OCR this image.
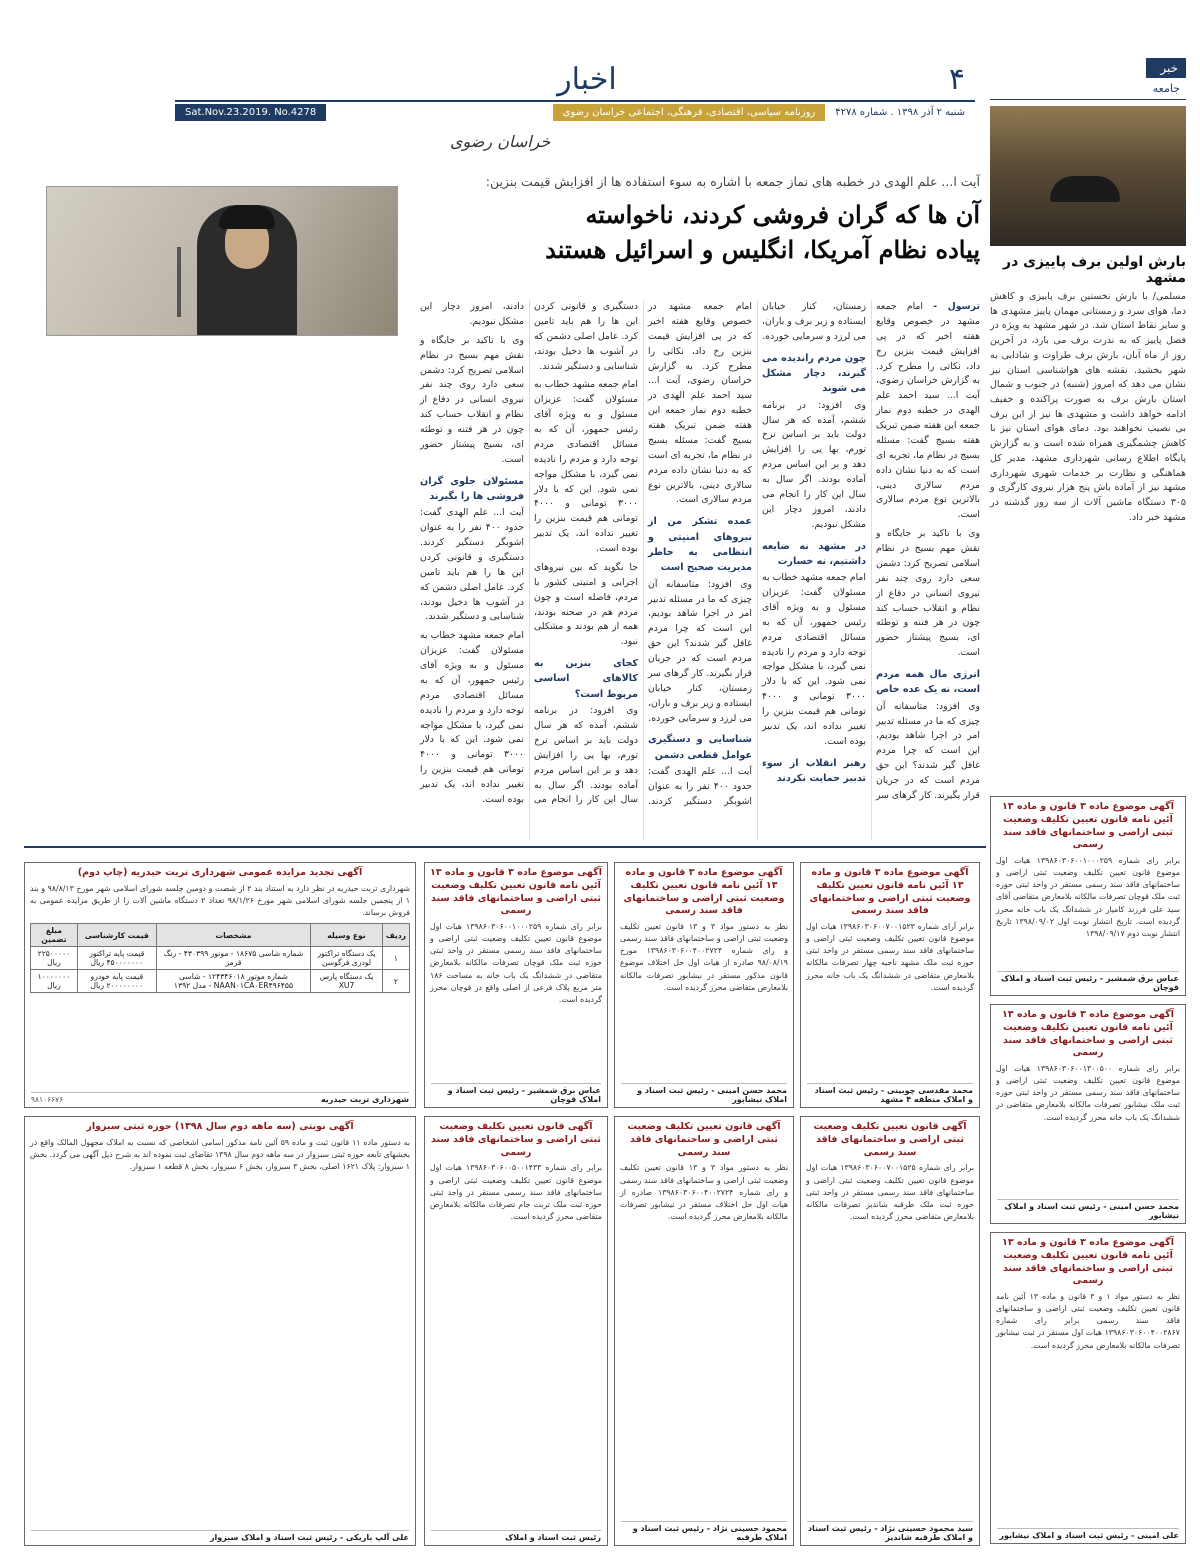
۴
اخبار
شنبه ۲ آذر ۱۳۹۸ . شماره ۴۲۷۸
روزنامه سیاسی، اقتصادی، فرهنگی، اجتماعی خراسان رضوی
Sat.Nov.23.2019. No.4278
خراسان رضوی
خبر
جامعه
بارش اولین برف پاییزی در مشهد
مسلمی/ با بارش نخستین برف پاییزی و کاهش دما، هوای سرد و زمستانی مهمان پاییز مشهدی ها و سایر نقاط استان شد. در شهر مشهد به ویژه در فصل پاییز که به ندرت برف می بارد، در آخرین روز از ماه آبان، بارش برف طراوت و شادابی به شهر بخشید. نقشه های هواشناسی استان نیز نشان می دهد که امروز (شنبه) در جنوب و شمال استان بارش برف به صورت پراکنده و خفیف ادامه خواهد داشت و مشهدی ها نیز از این برف بی نصیب نخواهند بود. دمای هوای استان نیز با کاهش چشمگیری همراه شده است و به گزارش پایگاه اطلاع رسانی شهرداری مشهد، مدیر کل هماهنگی و نظارت بر خدمات شهری شهرداری مشهد نیز از آماده باش پنج هزار نیروی کارگری و ۳۰۵ دستگاه ماشین آلات از سه روز گذشته در مشهد خبر داد.
آیت ا... علم الهدی در خطبه های نماز جمعه با اشاره به سوء استفاده ها از افزایش قیمت بنزین:
آن ها که گران فروشی کردند، ناخواسته
پیاده نظام آمریکا، انگلیس و اسرائیل هستند

ترسول - امام جمعه مشهد در خصوص وقایع هفته اخیر که در پی افزایش قیمت بنزین رخ داد، نکاتی را مطرح کرد. به گزارش خراسان رضوی، آیت ا... سید احمد علم الهدی در خطبه دوم نماز جمعه این هفته ضمن تبریک هفته بسیج گفت: مسئله بسیج در نظام ما، تجربه ای است که به دنیا نشان داده مردم سالاری دینی، بالاترین نوع مردم سالاری است.

وی با تاکید بر جایگاه و نقش مهم بسیج در نظام اسلامی تصریح کرد: دشمن سعی دارد روی چند نفر نیروی انسانی در دفاع از نظام و انقلاب حساب کند چون در هر فتنه و توطئه ای، بسیج پیشتاز حضور است.

انرژی مال همه مردم است، نه یک عده خاص

وی افزود: متاسفانه آن چیزی که ما در مسئله تدبیر امر در اجرا شاهد بودیم، این است که چرا مردم غافل گیر شدند؟ این حق مردم است که در جریان قرار بگیرند. کار گرهای سر زمستان، کنار خیابان ایستاده و زیر برف و باران، می لرزد و سرمایی خورده.

چون مردم راندیده می گیرند، دچار مشکل می شوند

وی افزود: در برنامه ششم، آمده که هر سال دولت باید بر اساس نرخ تورم، بها یی را افزایش دهد و بر این اساس مردم آماده بودند. اگر سال به سال این کار را انجام می دادند، امروز دچار این مشکل نبودیم.

در مشهد نه ضایعه داشتیم، نه خسارت

امام جمعه مشهد خطاب به مسئولان گفت: عزیزان مسئول و به ویژه آقای رئیس جمهور، آن که به مسائل اقتصادی مردم توجه دارد و مردم را نادیده نمی گیرد، با مشکل مواجه نمی شود. این که با دلار ۳۰۰۰ تومانی و ۴۰۰۰ تومانی هم قیمت بنزین را تغییر نداده اند، یک تدبیر بوده است.

رهبر انقلاب از سوء تدبیر حمایت نکردند

امام جمعه مشهد در خصوص وقایع هفته اخیر که در پی افزایش قیمت بنزین رخ داد، نکاتی را مطرح کرد. به گزارش خراسان رضوی، آیت ا... سید احمد علم الهدی در خطبه دوم نماز جمعه این هفته ضمن تبریک هفته بسیج گفت: مسئله بسیج در نظام ما، تجربه ای است که به دنیا نشان داده مردم سالاری دینی، بالاترین نوع مردم سالاری است.

عمده تشکر من از نیروهای امنیتی و انتظامی به خاطر مدیریت صحیح است

وی افزود: متاسفانه آن چیزی که ما در مسئله تدبیر امر در اجرا شاهد بودیم، این است که چرا مردم غافل گیر شدند؟ این حق مردم است که در جریان قرار بگیرند. کار گرهای سر زمستان، کنار خیابان ایستاده و زیر برف و باران، می لرزد و سرمایی خورده.

شناسایی و دستگیری عوامل قطعی دشمن

آیت ا... علم الهدی گفت: حدود ۴۰۰ نفر را به عنوان اشوبگر دستگیر کردند. دستگیری و قانونی کردن این ها را هم باید تامین کرد. عامل اصلی دشمن که در آشوب ها دخیل بودند، شناسایی و دستگیر شدند.

امام جمعه مشهد خطاب به مسئولان گفت: عزیزان مسئول و به ویژه آقای رئیس جمهور، آن که به مسائل اقتصادی مردم توجه دارد و مردم را نادیده نمی گیرد، با مشکل مواجه نمی شود. این که با دلار ۳۰۰۰ تومانی و ۴۰۰۰ تومانی هم قیمت بنزین را تغییر نداده اند، یک تدبیر بوده است.

جا بگوید که بین نیروهای اجرایی و امنیتی کشور با مردم، فاصله است و چون مردم هم در صحنه بودند، همه از هم بودند و مشکلی نبود.

کجای بنزین به کالاهای اساسی مربوط است؟

وی افزود: در برنامه ششم، آمده که هر سال دولت باید بر اساس نرخ تورم، بها یی را افزایش دهد و بر این اساس مردم آماده بودند. اگر سال به سال این کار را انجام می دادند، امروز دچار این مشکل نبودیم.

وی با تاکید بر جایگاه و نقش مهم بسیج در نظام اسلامی تصریح کرد: دشمن سعی دارد روی چند نفر نیروی انسانی در دفاع از نظام و انقلاب حساب کند چون در هر فتنه و توطئه ای، بسیج پیشتاز حضور است.

مسئولان جلوی گران فروشی ها را بگیرند

آیت ا... علم الهدی گفت: حدود ۴۰۰ نفر را به عنوان اشوبگر دستگیر کردند. دستگیری و قانونی کردن این ها را هم باید تامین کرد. عامل اصلی دشمن که در آشوب ها دخیل بودند، شناسایی و دستگیر شدند.

امام جمعه مشهد خطاب به مسئولان گفت: عزیزان مسئول و به ویژه آقای رئیس جمهور، آن که به مسائل اقتصادی مردم توجه دارد و مردم را نادیده نمی گیرد، با مشکل مواجه نمی شود. این که با دلار ۳۰۰۰ تومانی و ۴۰۰۰ تومانی هم قیمت بنزین را تغییر نداده اند، یک تدبیر بوده است.

آگهی تجدید مزایده عمومی شهرداری تربت حیدریه (چاپ دوم)
شهرداری تربت حیدریه در نظر دارد به استناد بند ۲ از شصت و دومین جلسه شورای اسلامی شهر مورخ ۹۸/۸/۱۳ و بند ۱ از پنجمین جلسه شورای اسلامی شهر مورخ ۹۸/۱/۲۶ تعداد ۲ دستگاه ماشین آلات را از طریق مزایده عمومی به فروش برساند.
ردیف	نوع وسیله	مشخصات	قیمت کارشناسی	مبلغ تضمین
۱	یک دستگاه تراکتور لودری فرگوسن	شماره شاسی ۱۸۶۷۵ - موتور ۴۳۰۳۹۹ - رنگ قرمز	قیمت پایه تراکتور ۴۵۰۰۰۰۰۰۰ ریال	۲۲۵۰۰۰۰۰ ریال
۲	یک دستگاه پارس XU7	شماره موتور ۱۲۴۳۴۶۰۱۸ - شاسی NAAN۰۱CA۰ER۴۹۶۴۵۵ - مدل ۱۳۹۲	قیمت پایه خودرو ۲۰۰۰۰۰۰۰۰ ریال	۱۰۰۰۰۰۰۰ ریال
شهرداری تربت حیدریه
۹۸۱۰۶۶۷۶
آگهی موضوع ماده ۳ قانون و ماده ۱۳ آئین نامه قانون تعیین تکلیف وضعیت ثبتی اراضی و ساختمانهای فاقد سند رسمی
برابر رای شماره ۱۳۹۸۶۰۳۰۶۰۰۱۰۰۰۲۵۹ هیات اول موضوع قانون تعیین تکلیف وضعیت ثبتی اراضی و ساختمانهای فاقد سند رسمی مستقر در واحد ثبتی حوزه ثبت ملک قوچان تصرفات مالکانه بلامعارض متقاضی در ششدانگ یک باب خانه به مساحت ۱۸۶ متر مربع پلاک فرعی از اصلی واقع در قوچان محرز گردیده است.
عباس برق شمشیر - رئیس ثبت اسناد و املاک قوچان
آگهی موضوع ماده ۳ قانون و ماده ۱۳ آئین نامه قانون تعیین تکلیف وضعیت ثبتی اراضی و ساختمانهای فاقد سند رسمی
نظر به دستور مواد ۳ و ۱۳ قانون تعیین تکلیف وضعیت ثبتی اراضی و ساختمانهای فاقد سند رسمی و رای شماره ۱۳۹۸۶۰۳۰۶۰۰۴۰۰۲۷۲۴ مورخ ۹۸/۰۸/۱۹ صادره از هیات اول حل اختلاف موضوع قانون مذکور مستقر در نیشابور تصرفات مالکانه بلامعارض متقاضی محرز گردیده است.
محمد حسن امینی - رئیس ثبت اسناد و املاک نیشابور
آگهی موضوع ماده ۳ قانون و ماده ۱۳ آئین نامه قانون تعیین تکلیف وضعیت ثبتی اراضی و ساختمانهای فاقد سند رسمی
برابر آرای شماره ۱۳۹۸۶۰۳۰۶۰۰۷۰۰۱۵۲۳ هیات اول موضوع قانون تعیین تکلیف وضعیت ثبتی اراضی و ساختمانهای فاقد سند رسمی مستقر در واحد ثبتی حوزه ثبت ملک مشهد ناحیه چهار تصرفات مالکانه بلامعارض متقاضی در ششدانگ یک باب خانه محرز گردیده است.
محمد مقدسی چوبینی - رئیس ثبت اسناد و املاک منطقه ۴ مشهد
آگهی موضوع ماده ۳ قانون و ماده ۱۳ آئین نامه قانون تعیین تکلیف وضعیت ثبتی اراضی و ساختمانهای فاقد سند رسمی
برابر رای شماره ۱۳۹۸۶۰۳۰۶۰۰۱۰۰۰۲۵۹ هیات اول موضوع قانون تعیین تکلیف وضعیت ثبتی اراضی و ساختمانهای فاقد سند رسمی مستقر در واحد ثبتی حوزه ثبت ملک قوچان تصرفات مالکانه بلامعارض متقاضی آقای سید علی فرزند کامیار در ششدانگ یک باب خانه محرز گردیده است. تاریخ انتشار نوبت اول ۱۳۹۸/۰۹/۰۲ تاریخ انتشار نوبت دوم ۱۳۹۸/۰۹/۱۷
عباس برق شمشیر - رئیس ثبت اسناد و املاک قوچان
آگهی موضوع ماده ۳ قانون و ماده ۱۳ آئین نامه قانون تعیین تکلیف وضعیت ثبتی اراضی و ساختمانهای فاقد سند رسمی
برابر رای شماره ۱۳۹۸۶۰۳۰۶۰۰۱۳۰۰۵۰۰ هیات اول موضوع قانون تعیین تکلیف وضعیت ثبتی اراضی و ساختمانهای فاقد سند رسمی مستقر در واحد ثبتی حوزه ثبت ملک نیشابور تصرفات مالکانه بلامعارض متقاضی در ششدانگ یک باب خانه محرز گردیده است.
محمد حسن امینی - رئیس ثبت اسناد و املاک نیشابور
آگهی موضوع ماده ۳ قانون و ماده ۱۳ آئین نامه قانون تعیین تکلیف وضعیت ثبتی اراضی و ساختمانهای فاقد سند رسمی
نظر به دستور مواد ۱ و ۳ قانون و ماده ۱۳ آئین نامه قانون تعیین تکلیف وضعیت ثبتی اراضی و ساختمانهای فاقد سند رسمی برابر رای شماره ۱۳۹۸۶۰۳۰۶۰۰۴۰۰۲۸۶۷ هیات اول مستقر در ثبت نیشابور تصرفات مالکانه بلامعارض محرز گردیده است.
علی امینی - رئیس ثبت اسناد و املاک نیشابور
آگهی نوبتی (سه ماهه دوم سال ۱۳۹۸) حوزه ثبتی سبزوار
به دستور ماده ۱۱ قانون ثبت و ماده ۵۹ آئین نامه مذکور اسامی اشخاصی که نسبت به املاک مجهول المالک واقع در بخشهای تابعه حوزه ثبتی سبزوار در سه ماهه دوم سال ۱۳۹۸ تقاضای ثبت نموده اند به شرح ذیل آگهی می گردد. بخش ۱ سبزوار: پلاک ۱۶۲۱ اصلی، بخش ۳ سبزوار، بخش ۶ سبزوار، بخش ۸ قطعه ۱ سبزوار.
علی آلپ باریکی - رئیس ثبت اسناد و املاک سبزوار
آگهی قانون تعیین تکلیف وضعیت ثبتی اراضی و ساختمانهای فاقد سند رسمی
برابر رای شماره ۱۳۹۸۶۰۳۰۶۰۰۵۰۰۱۴۳۳ هیات اول موضوع قانون تعیین تکلیف وضعیت ثبتی اراضی و ساختمانهای فاقد سند رسمی مستقر در واحد ثبتی حوزه ثبت ملک تربت جام تصرفات مالکانه بلامعارض متقاضی محرز گردیده است.
رئیس ثبت اسناد و املاک
آگهی قانون تعیین تکلیف وضعیت ثبتی اراضی و ساختمانهای فاقد سند رسمی
نظر به دستور مواد ۳ و ۱۳ قانون تعیین تکلیف وضعیت ثبتی اراضی و ساختمانهای فاقد سند رسمی و رای شماره ۱۳۹۸۶۰۳۰۶۰۰۴۰۰۲۷۲۴ صادره از هیات اول حل اختلاف مستقر در نیشابور تصرفات مالکانه بلامعارض محرز گردیده است.
محمود حسینی نژاد - رئیس ثبت اسناد و املاک طرقبه
آگهی قانون تعیین تکلیف وضعیت ثبتی اراضی و ساختمانهای فاقد سند رسمی
برابر رای شماره ۱۳۹۸۶۰۳۰۶۰۰۷۰۰۱۵۲۵ هیات اول موضوع قانون تعیین تکلیف وضعیت ثبتی اراضی و ساختمانهای فاقد سند رسمی مستقر در واحد ثبتی حوزه ثبت ملک طرقبه شاندیز تصرفات مالکانه بلامعارض متقاضی محرز گردیده است.
سید محمود حسینی نژاد - رئیس ثبت اسناد و املاک طرقبه شاندیز
